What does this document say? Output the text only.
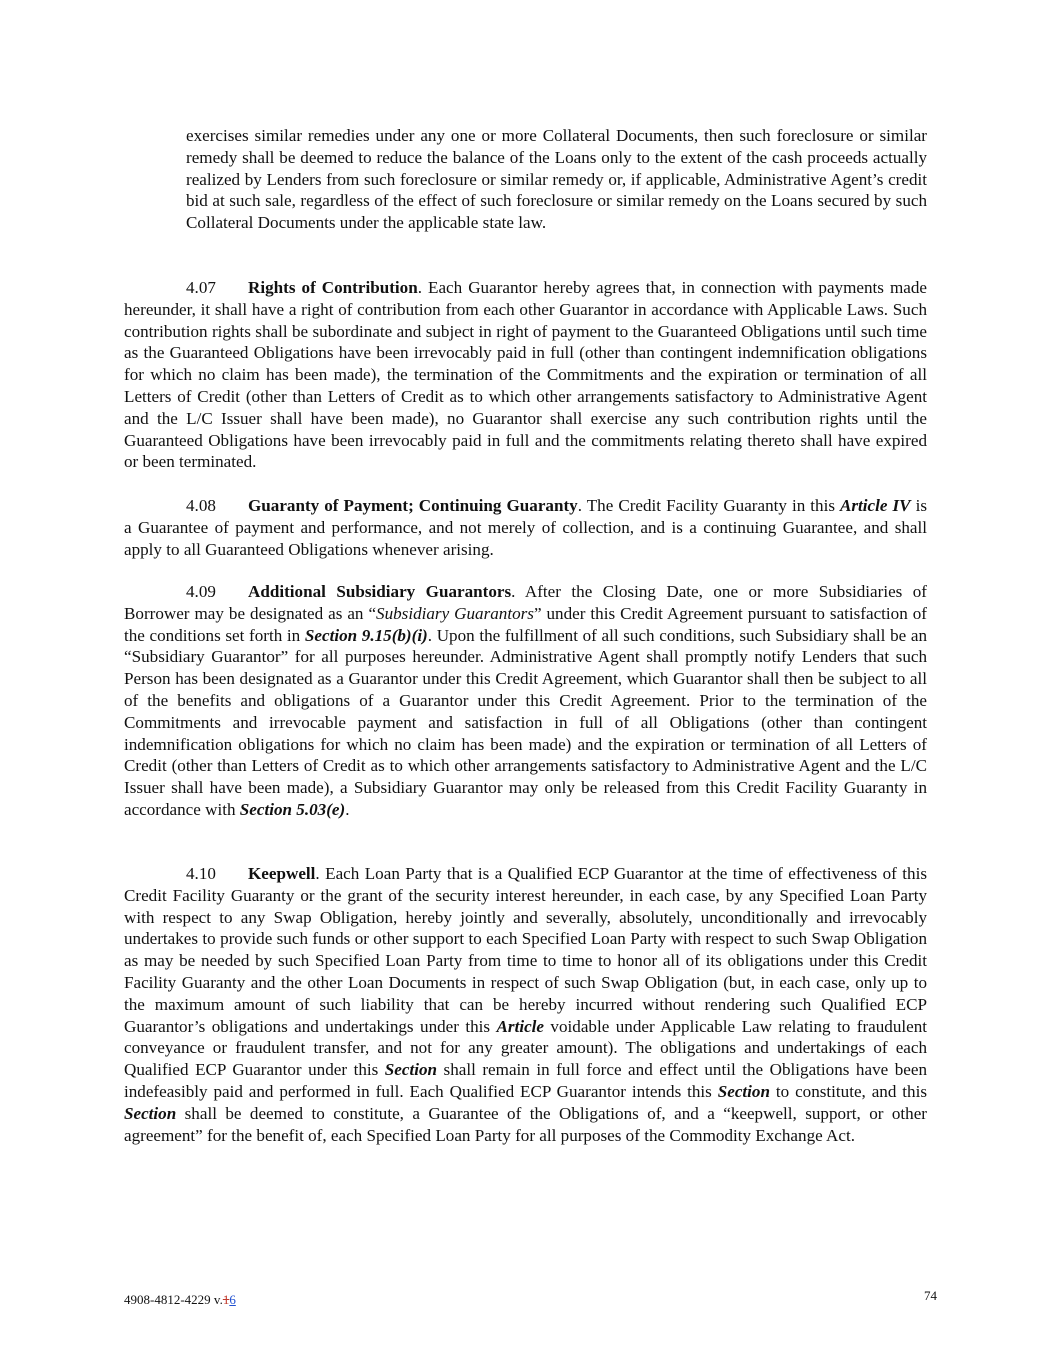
exercises similar remedies under any one or more Collateral Documents, then such foreclosure or similar remedy shall be deemed to reduce the balance of the Loans only to the extent of the cash proceeds actually realized by Lenders from such foreclosure or similar remedy or, if applicable, Administrative Agent’s credit bid at such sale, regardless of the effect of such foreclosure or similar remedy on the Loans secured by such Collateral Documents under the applicable state law.

4.07 Rights of Contribution. Each Guarantor hereby agrees that, in connection with payments made hereunder, it shall have a right of contribution from each other Guarantor in accordance with Applicable Laws. Such contribution rights shall be subordinate and subject in right of payment to the Guaranteed Obligations until such time as the Guaranteed Obligations have been irrevocably paid in full (other than contingent indemnification obligations for which no claim has been made), the termination of the Commitments and the expiration or termination of all Letters of Credit (other than Letters of Credit as to which other arrangements satisfactory to Administrative Agent and the L/C Issuer shall have been made), no Guarantor shall exercise any such contribution rights until the Guaranteed Obligations have been irrevocably paid in full and the commitments relating thereto shall have expired or been terminated.

4.08 Guaranty of Payment; Continuing Guaranty. The Credit Facility Guaranty in this Article IV is a Guarantee of payment and performance, and not merely of collection, and is a continuing Guarantee, and shall apply to all Guaranteed Obligations whenever arising.

4.09 Additional Subsidiary Guarantors. After the Closing Date, one or more Subsidiaries of Borrower may be designated as an “Subsidiary Guarantors” under this Credit Agreement pursuant to satisfaction of the conditions set forth in Section 9.15(b)(i). Upon the fulfillment of all such conditions, such Subsidiary shall be an “Subsidiary Guarantor” for all purposes hereunder. Administrative Agent shall promptly notify Lenders that such Person has been designated as a Guarantor under this Credit Agreement, which Guarantor shall then be subject to all of the benefits and obligations of a Guarantor under this Credit Agreement. Prior to the termination of the Commitments and irrevocable payment and satisfaction in full of all Obligations (other than contingent indemnification obligations for which no claim has been made) and the expiration or termination of all Letters of Credit (other than Letters of Credit as to which other arrangements satisfactory to Administrative Agent and the L/C Issuer shall have been made), a Subsidiary Guarantor may only be released from this Credit Facility Guaranty in accordance with Section 5.03(e).

4.10 Keepwell. Each Loan Party that is a Qualified ECP Guarantor at the time of effectiveness of this Credit Facility Guaranty or the grant of the security interest hereunder, in each case, by any Specified Loan Party with respect to any Swap Obligation, hereby jointly and severally, absolutely, unconditionally and irrevocably undertakes to provide such funds or other support to each Specified Loan Party with respect to such Swap Obligation as may be needed by such Specified Loan Party from time to time to honor all of its obligations under this Credit Facility Guaranty and the other Loan Documents in respect of such Swap Obligation (but, in each case, only up to the maximum amount of such liability that can be hereby incurred without rendering such Qualified ECP Guarantor’s obligations and undertakings under this Article voidable under Applicable Law relating to fraudulent conveyance or fraudulent transfer, and not for any greater amount). The obligations and undertakings of each Qualified ECP Guarantor under this Section shall remain in full force and effect until the Obligations have been indefeasibly paid and performed in full. Each Qualified ECP Guarantor intends this Section to constitute, and this Section shall be deemed to constitute, a Guarantee of the Obligations of, and a “keepwell, support, or other agreement” for the benefit of, each Specified Loan Party for all purposes of the Commodity Exchange Act.

4908-4812-4229 v.16	74
